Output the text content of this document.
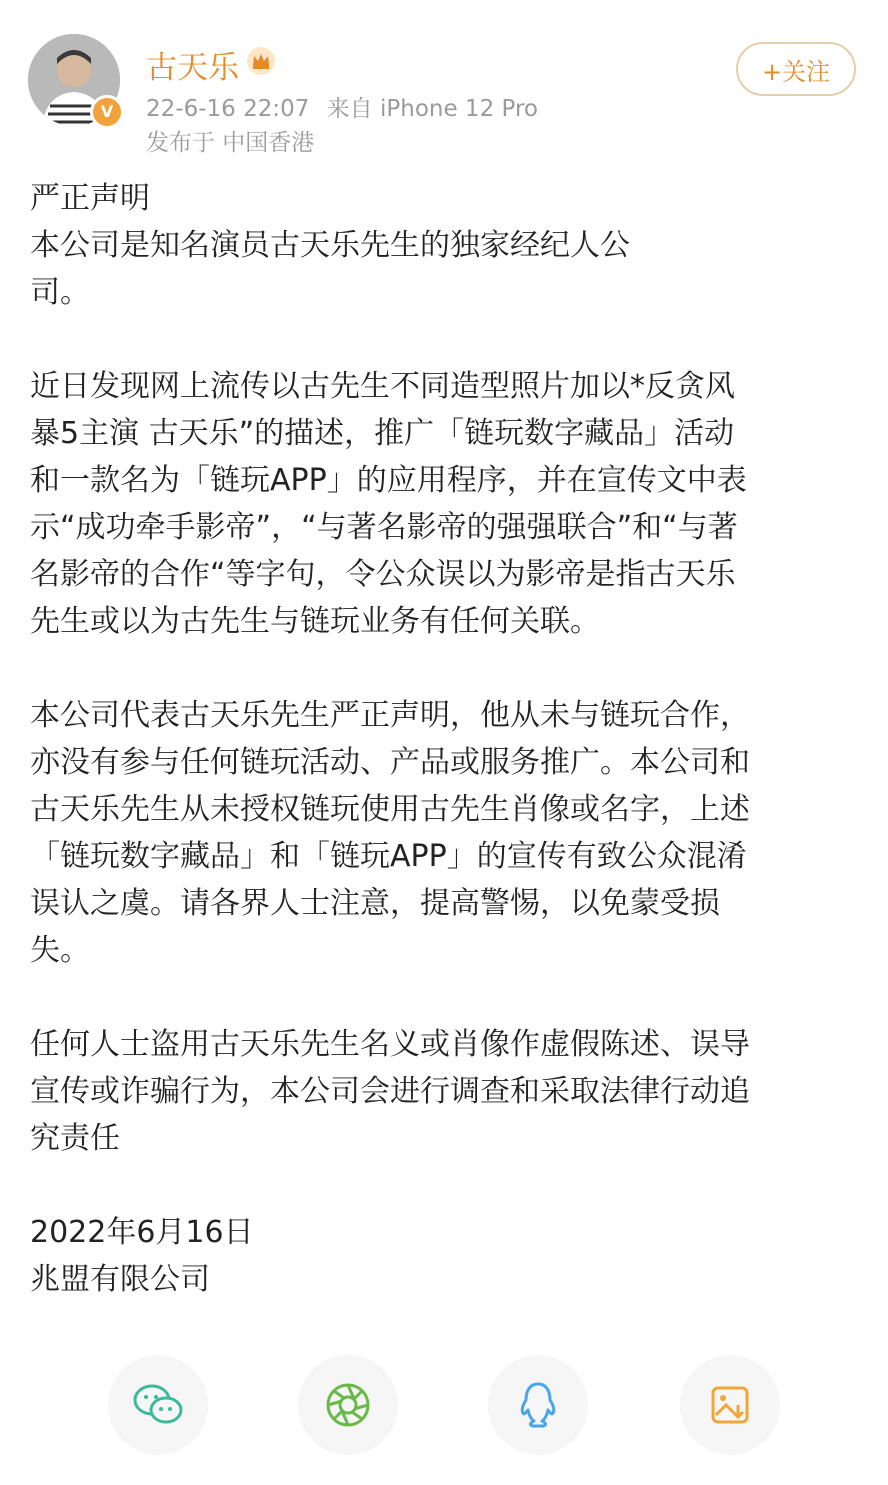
V
古天乐
22-6-16 22:07 来自 iPhone 12 Pro
发布于 中国香港
+关注

严正声明
本公司是知名演员古天乐先生的独家经纪人公
司。

近日发现网上流传以古先生不同造型照片加以*反贪风
暴5主演 古天乐”的描述，推广「链玩数字藏品」活动
和一款名为「链玩APP」的应用程序，并在宣传文中表
示“成功牵手影帝”，“与著名影帝的强强联合”和“与著
名影帝的合作“等字句，令公众误以为影帝是指古天乐
先生或以为古先生与链玩业务有任何关联。

本公司代表古天乐先生严正声明，他从未与链玩合作，
亦没有参与任何链玩活动、产品或服务推广。本公司和
古天乐先生从未授权链玩使用古先生肖像或名字，上述
「链玩数字藏品」和「链玩APP」的宣传有致公众混淆
误认之虞。请各界人士注意，提高警惕，以免蒙受损
失。

任何人士盗用古天乐先生名义或肖像作虚假陈述、误导
宣传或诈骗行为，本公司会进行调查和采取法律行动追
究责任

2022年6月16日
兆盟有限公司
